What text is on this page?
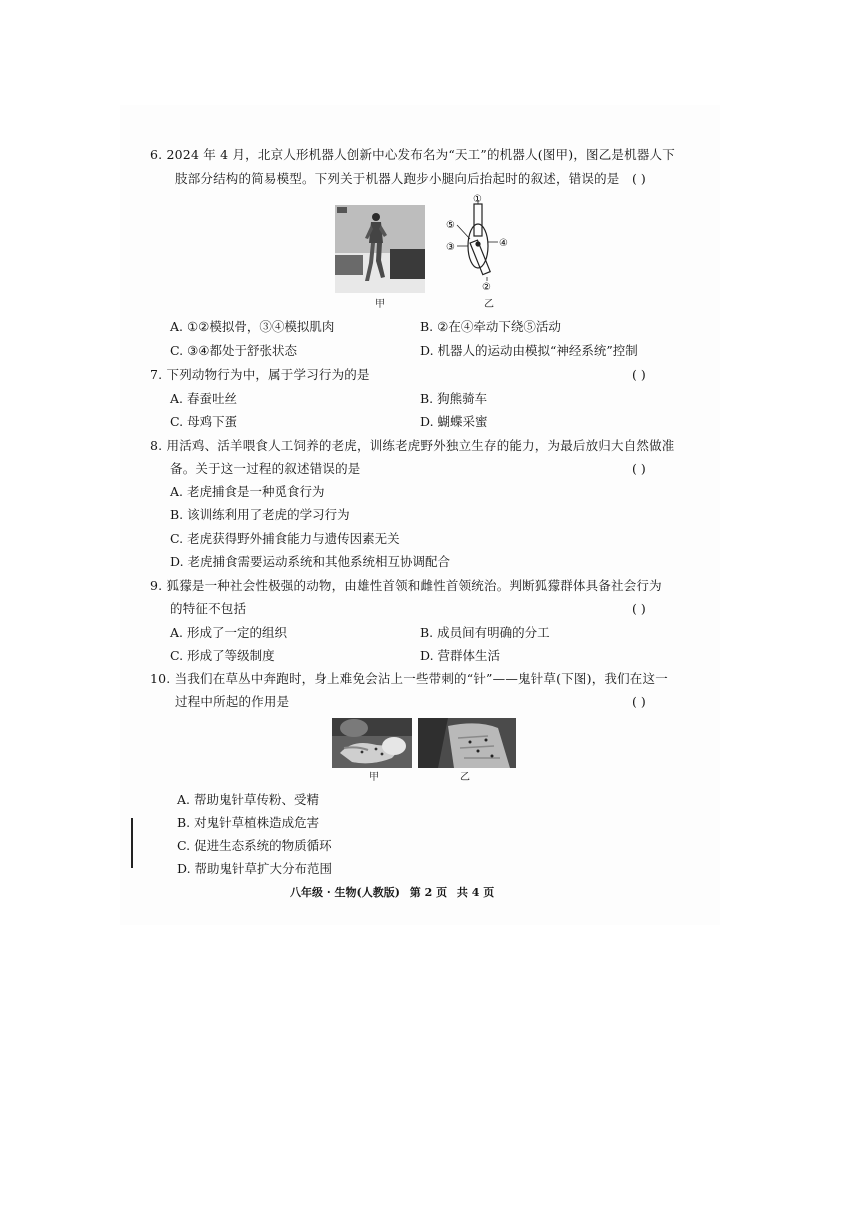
6. 2024 年 4 月，北京人形机器人创新中心发布名为“天工”的机器人(图甲)，图乙是机器人下
肢部分结构的简易模型。下列关于机器人跑步小腿向后抬起时的叙述，错误的是 ( )
甲
①
②
③	④
⑤
乙
A. ①②模拟骨，③④模拟肌肉	B. ②在④牵动下绕⑤活动
C. ③④都处于舒张状态	D. 机器人的运动由模拟“神经系统”控制
7. 下列动物行为中，属于学习行为的是	( )
A. 春蚕吐丝	B. 狗熊骑车
C. 母鸡下蛋	D. 蝴蝶采蜜
8. 用活鸡、活羊喂食人工饲养的老虎，训练老虎野外独立生存的能力，为最后放归大自然做准
备。关于这一过程的叙述错误的是	( )
A. 老虎捕食是一种觅食行为
B. 该训练利用了老虎的学习行为
C. 老虎获得野外捕食能力与遗传因素无关
D. 老虎捕食需要运动系统和其他系统相互协调配合
9. 狐獴是一种社会性极强的动物，由雄性首领和雌性首领统治。判断狐獴群体具备社会行为
的特征不包括	( )
A. 形成了一定的组织	B. 成员间有明确的分工
C. 形成了等级制度	D. 营群体生活
10. 当我们在草丛中奔跑时，身上难免会沾上一些带刺的“针”——鬼针草(下图)，我们在这一
过程中所起的作用是	( )
甲	乙
A. 帮助鬼针草传粉、受精
B. 对鬼针草植株造成危害
C. 促进生态系统的物质循环
D. 帮助鬼针草扩大分布范围
八年级 · 生物(人教版) 第 2 页 共 4 页
